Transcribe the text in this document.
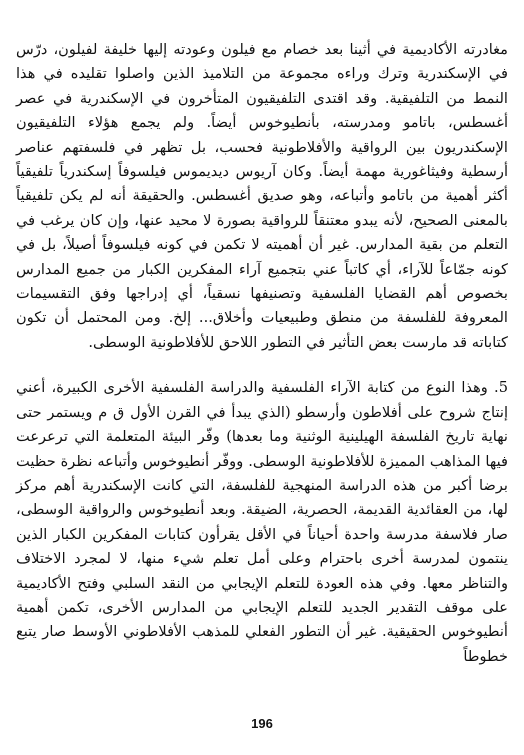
مغادرته الأكاديمية في أثينا بعد خصام مع فيلون وعودته إليها خليفة لفيلون، درّس في الإسكندرية وترك وراءه مجموعة من التلاميذ الذين واصلوا تقليده في هذا النمط من التلفيقية. وقد اقتدى التلفيقيون المتأخرون في الإسكندرية في عصر أغسطس، باتامو ومدرسته، بأنطيوخوس أيضاً. ولم يجمع هؤلاء التلفيقيون الإسكندريون بين الرواقية والأفلاطونية فحسب، بل تظهر في فلسفتهم عناصر أرسطية وفيثاغورية مهمة أيضاً. وكان آريوس ديديموس فيلسوفاً إسكندرياً تلفيقياً أكثر أهمية من باتامو وأتباعه، وهو صديق أغسطس. والحقيقة أنه لم يكن تلفيقياً بالمعنى الصحيح، لأنه يبدو معتنقاً للرواقية بصورة لا محيد عنها، وإن كان يرغب في التعلم من بقية المدارس. غير أن أهميته لا تكمن في كونه فيلسوفاً أصيلاً، بل في كونه جمّاعاً للآراء، أي كاتباً عني بتجميع آراء المفكرين الكبار من جميع المدارس بخصوص أهم القضايا الفلسفية وتصنيفها نسقياً، أي إدراجها وفق التقسيمات المعروفة للفلسفة من منطق وطبيعيات وأخلاق... إلخ. ومن المحتمل أن تكون كتاباته قد مارست بعض التأثير في التطور اللاحق للأفلاطونية الوسطى.

5. وهذا النوع من كتابة الآراء الفلسفية والدراسة الفلسفية الأخرى الكبيرة، أعني إنتاج شروح على أفلاطون وأرسطو (الذي يبدأ في القرن الأول ق م ويستمر حتى نهاية تاريخ الفلسفة الهيلينية الوثنية وما بعدها) وفّر البيئة المتعلمة التي ترعرعت فيها المذاهب المميزة للأفلاطونية الوسطى. ووفّر أنطيوخوس وأتباعه نظرة حظيت برضا أكبر من هذه الدراسة المنهجية للفلسفة، التي كانت الإسكندرية أهم مركز لها، من العقائدية القديمة، الحصرية، الضيقة. وبعد أنطيوخوس والرواقية الوسطى، صار فلاسفة مدرسة واحدة أحياناً في الأقل يقرأون كتابات المفكرين الكبار الذين ينتمون لمدرسة أخرى باحترام وعلى أمل تعلم شيء منها، لا لمجرد الاختلاف والتناظر معها. وفي هذه العودة للتعلم الإيجابي من النقد السلبي وفتح الأكاديمية على موقف التقدير الجديد للتعلم الإيجابي من المدارس الأخرى، تكمن أهمية أنطيوخوس الحقيقية. غير أن التطور الفعلي للمذهب الأفلاطوني الأوسط صار يتبع خطوطاً

196
